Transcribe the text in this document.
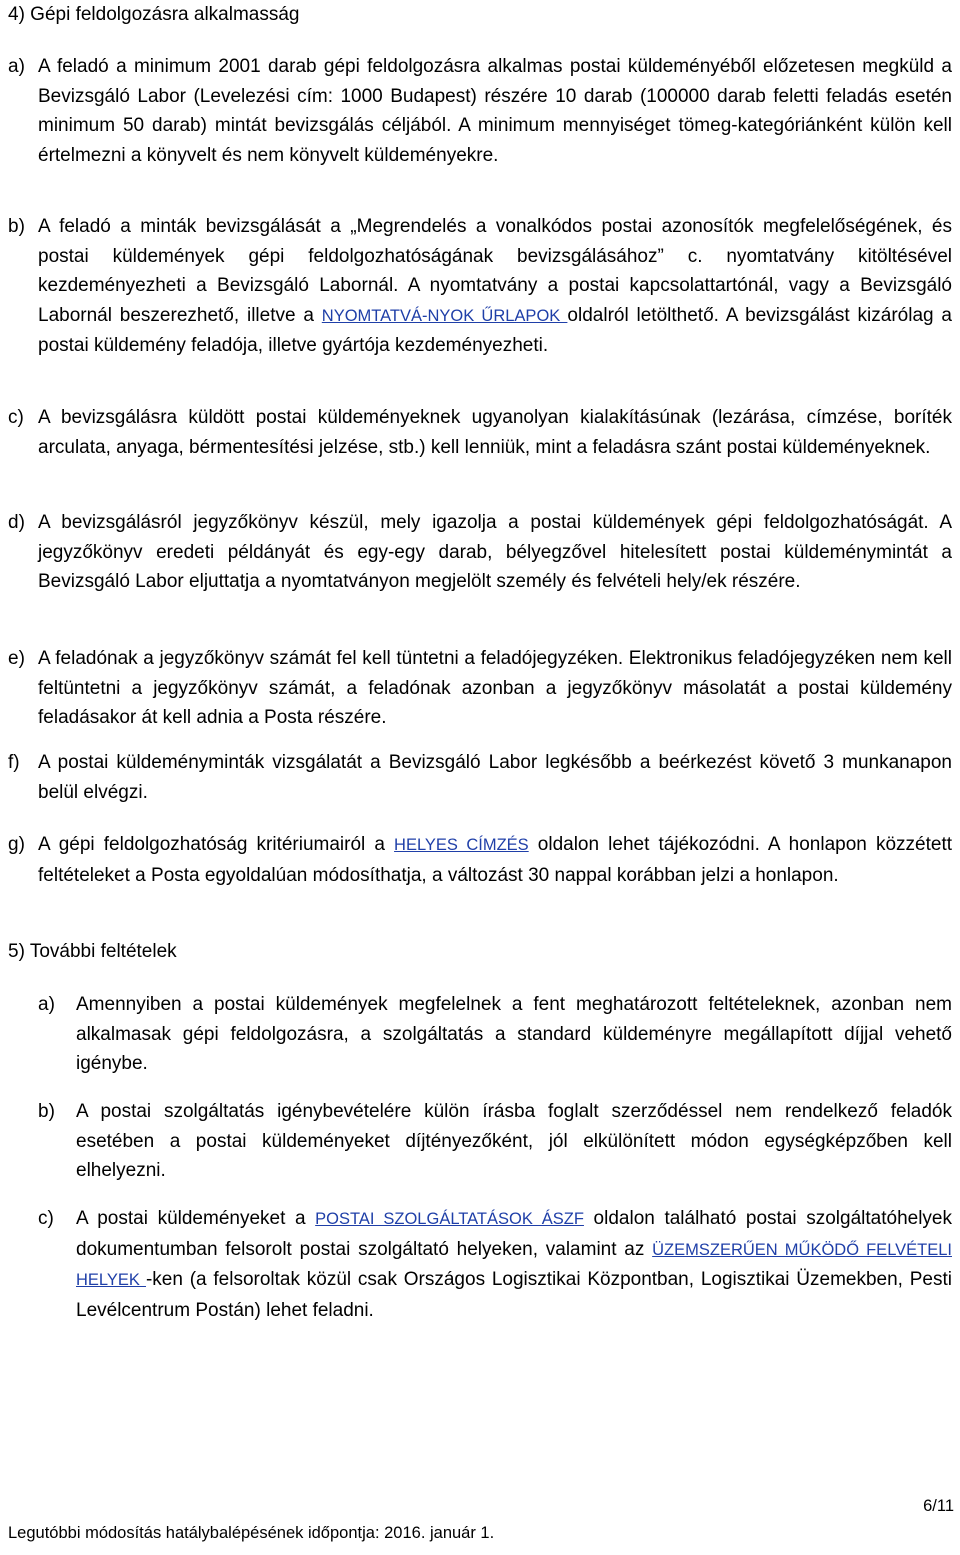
4) Gépi feldolgozásra alkalmasság
a) A feladó a minimum 2001 darab gépi feldolgozásra alkalmas postai küldeményéből előzetesen megküld a Bevizsgáló Labor (Levelezési cím: 1000 Budapest) részére 10 darab (100000 darab feletti feladás esetén minimum 50 darab) mintát bevizsgálás céljából. A minimum mennyiséget tömeg-kategóriánként külön kell értelmezni a könyvelt és nem könyvelt küldeményekre.
b) A feladó a minták bevizsgálását a „Megrendelés a vonalkódos postai azonosítók megfelelőségének, és postai küldemények gépi feldolgozhatóságának bevizsgálásához” c. nyomtatvány kitöltésével kezdeményezheti a Bevizsgáló Labornál. A nyomtatvány a postai kapcsolattartónál, vagy a Bevizsgáló Labornál beszerezhető, illetve a NYOMTATVÁ-NYOK ŰRLAPOK oldalról letölthető. A bevizsgálást kizárólag a postai küldemény feladója, illetve gyártója kezdeményezheti.
c) A bevizsgálásra küldött postai küldeményeknek ugyanolyan kialakításúnak (lezárása, címzése, boríték arculata, anyaga, bérmentesítési jelzése, stb.) kell lenniük, mint a feladásra szánt postai küldeményeknek.
d) A bevizsgálásról jegyzőkönyv készül, mely igazolja a postai küldemények gépi feldolgozhatóságát. A jegyzőkönyv eredeti példányát és egy-egy darab, bélyegzővel hitelesített postai küldeménymintát a Bevizsgáló Labor eljuttatja a nyomtatványon megjelölt személy és felvételi hely/ek részére.
e) A feladónak a jegyzőkönyv számát fel kell tüntetni a feladójegyzéken. Elektronikus feladójegyzéken nem kell feltüntetni a jegyzőkönyv számát, a feladónak azonban a jegyzőkönyv másolatát a postai küldemény feladásakor át kell adnia a Posta részére.
f) A postai küldeményminták vizsgálatát a Bevizsgáló Labor legkésőbb a beérkezést követő 3 munkanapon belül elvégzi.
g) A gépi feldolgozhatóság kritériumairól a HELYES CÍMZÉS oldalon lehet tájékozódni. A honlapon közzétett feltételeket a Posta egyoldalúan módosíthatja, a változást 30 nappal korábban jelzi a honlapon.
5) További feltételek
a)	Amennyiben a postai küldemények megfelelnek a fent meghatározott feltételeknek, azonban nem alkalmasak gépi feldolgozásra, a szolgáltatás a standard küldeményre megállapított díjjal vehető igénybe.
b)	A postai szolgáltatás igénybevételére külön írásba foglalt szerződéssel nem rendelkező feladók esetében a postai küldeményeket díjtényezőként, jól elkülönített módon egységképzőben kell elhelyezni.
c)	A postai küldeményeket a POSTAI SZOLGÁLTATÁSOK ÁSZF oldalon található postai szolgáltatóhelyek dokumentumban felsorolt postai szolgáltató helyeken, valamint az ÜZEMSZERŰEN MŰKÖDŐ FELVÉTELI HELYEK -ken (a felsoroltak közül csak Országos Logisztikai Központban, Logisztikai Üzemekben, Pesti Levélcentrum Postán) lehet feladni.
6/11
Legutóbbi módosítás hatálybalépésének időpontja: 2016. január 1.
